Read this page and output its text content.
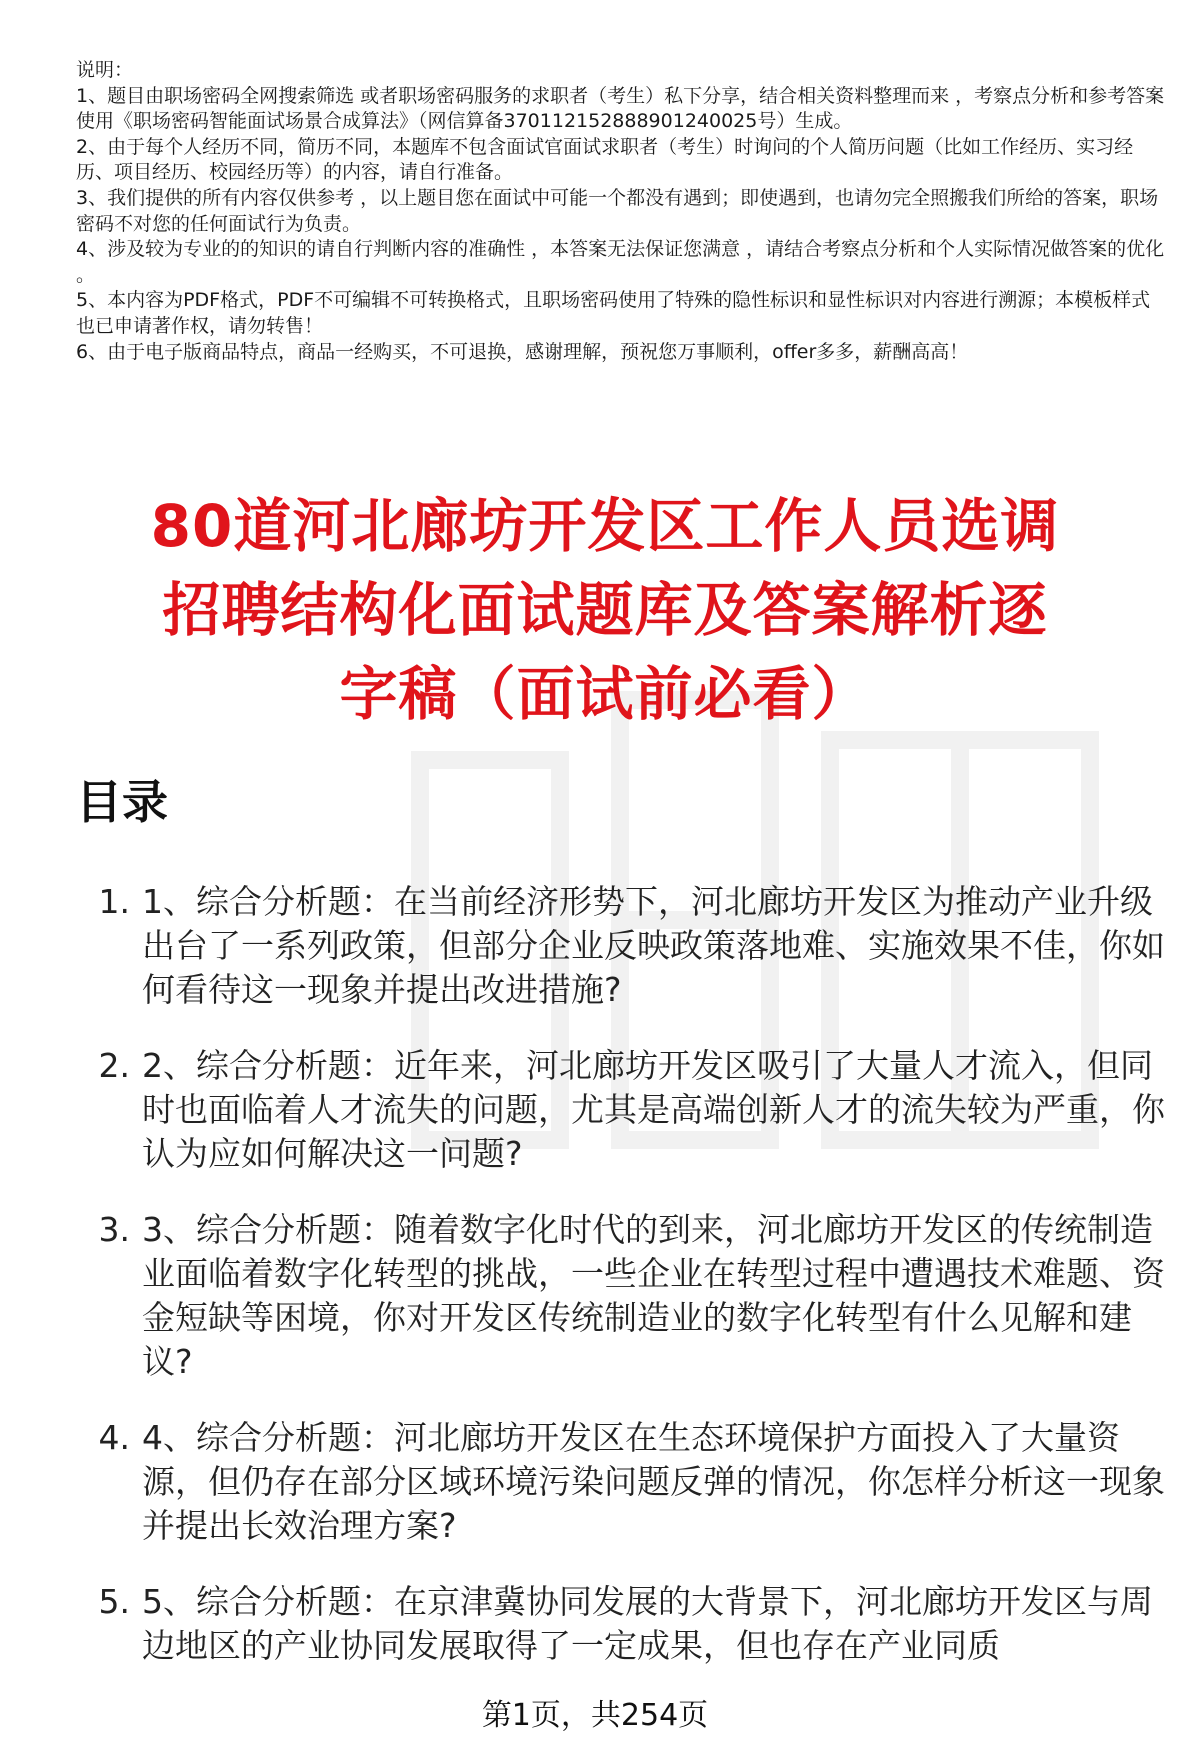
说明：

1、题目由职场密码全网搜索筛选 或者职场密码服务的求职者（考生）私下分享，结合相关资料整理而来 ，考察点分析和参考答案使用《职场密码智能面试场景合成算法》（网信算备370112152888901240025号）生成。

2、由于每个人经历不同，简历不同，本题库不包含面试官面试求职者（考生）时询问的个人简历问题（比如工作经历、实习经历、项目经历、校园经历等）的内容，请自行准备。

3、我们提供的所有内容仅供参考 ，以上题目您在面试中可能一个都没有遇到；即使遇到，也请勿完全照搬我们所给的答案，职场密码不对您的任何面试行为负责。

4、涉及较为专业的的知识的请自行判断内容的准确性 ，本答案无法保证您满意 ，请结合考察点分析和个人实际情况做答案的优化 。

5、本内容为PDF格式，PDF不可编辑不可转换格式，且职场密码使用了特殊的隐性标识和显性标识对内容进行溯源；本模板样式也已申请著作权，请勿转售！

6、由于电子版商品特点，商品一经购买，不可退换，感谢理解，预祝您万事顺利，offer多多，薪酬高高！

80道河北廊坊开发区工作人员选调
招聘结构化面试题库及答案解析逐
字稿（面试前必看）
目录
1. 1、综合分析题：在当前经济形势下，河北廊坊开发区为推动产业升级出台了一系列政策，但部分企业反映政策落地难、实施效果不佳，你如何看待这一现象并提出改进措施?
2. 2、综合分析题：近年来，河北廊坊开发区吸引了大量人才流入，但同时也面临着人才流失的问题，尤其是高端创新人才的流失较为严重，你认为应如何解决这一问题?
3. 3、综合分析题：随着数字化时代的到来，河北廊坊开发区的传统制造业面临着数字化转型的挑战，一些企业在转型过程中遭遇技术难题、资金短缺等困境，你对开发区传统制造业的数字化转型有什么见解和建议?
4. 4、综合分析题：河北廊坊开发区在生态环境保护方面投入了大量资源，但仍存在部分区域环境污染问题反弹的情况，你怎样分析这一现象并提出长效治理方案?
5. 5、综合分析题：在京津冀协同发展的大背景下，河北廊坊开发区与周边地区的产业协同发展取得了一定成果，但也存在产业同质
第1页，共254页
